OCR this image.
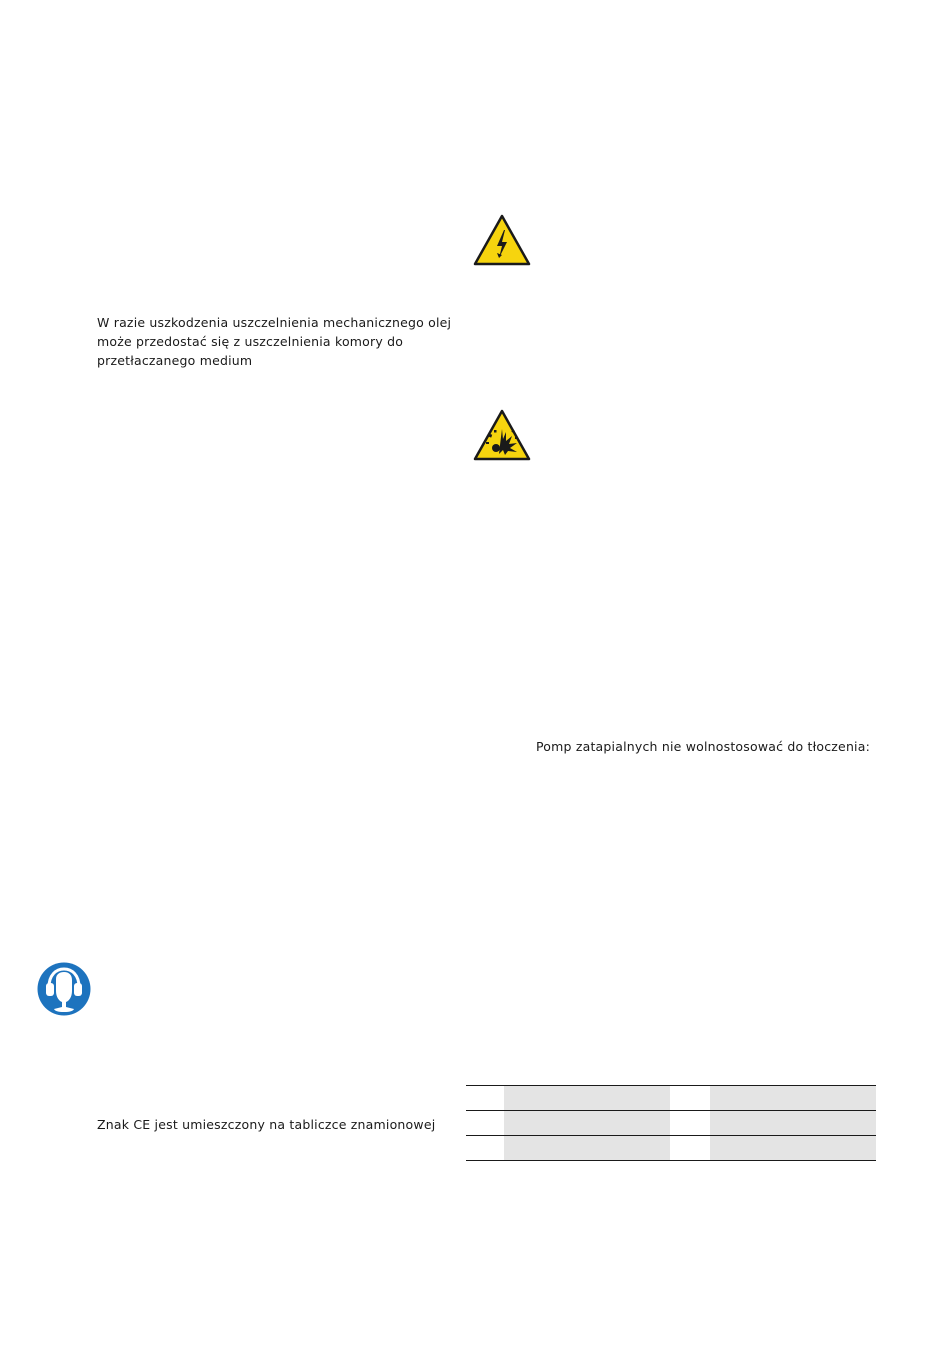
W razie uszkodzenia uszczelnienia mechanicznego olej
może przedostać się z uszczelnienia komory do
przetłaczanego medium

Pomp zatapialnych nie wolnostosować do tłoczenia:

Znak CE jest umieszczony na tabliczce znamionowej
